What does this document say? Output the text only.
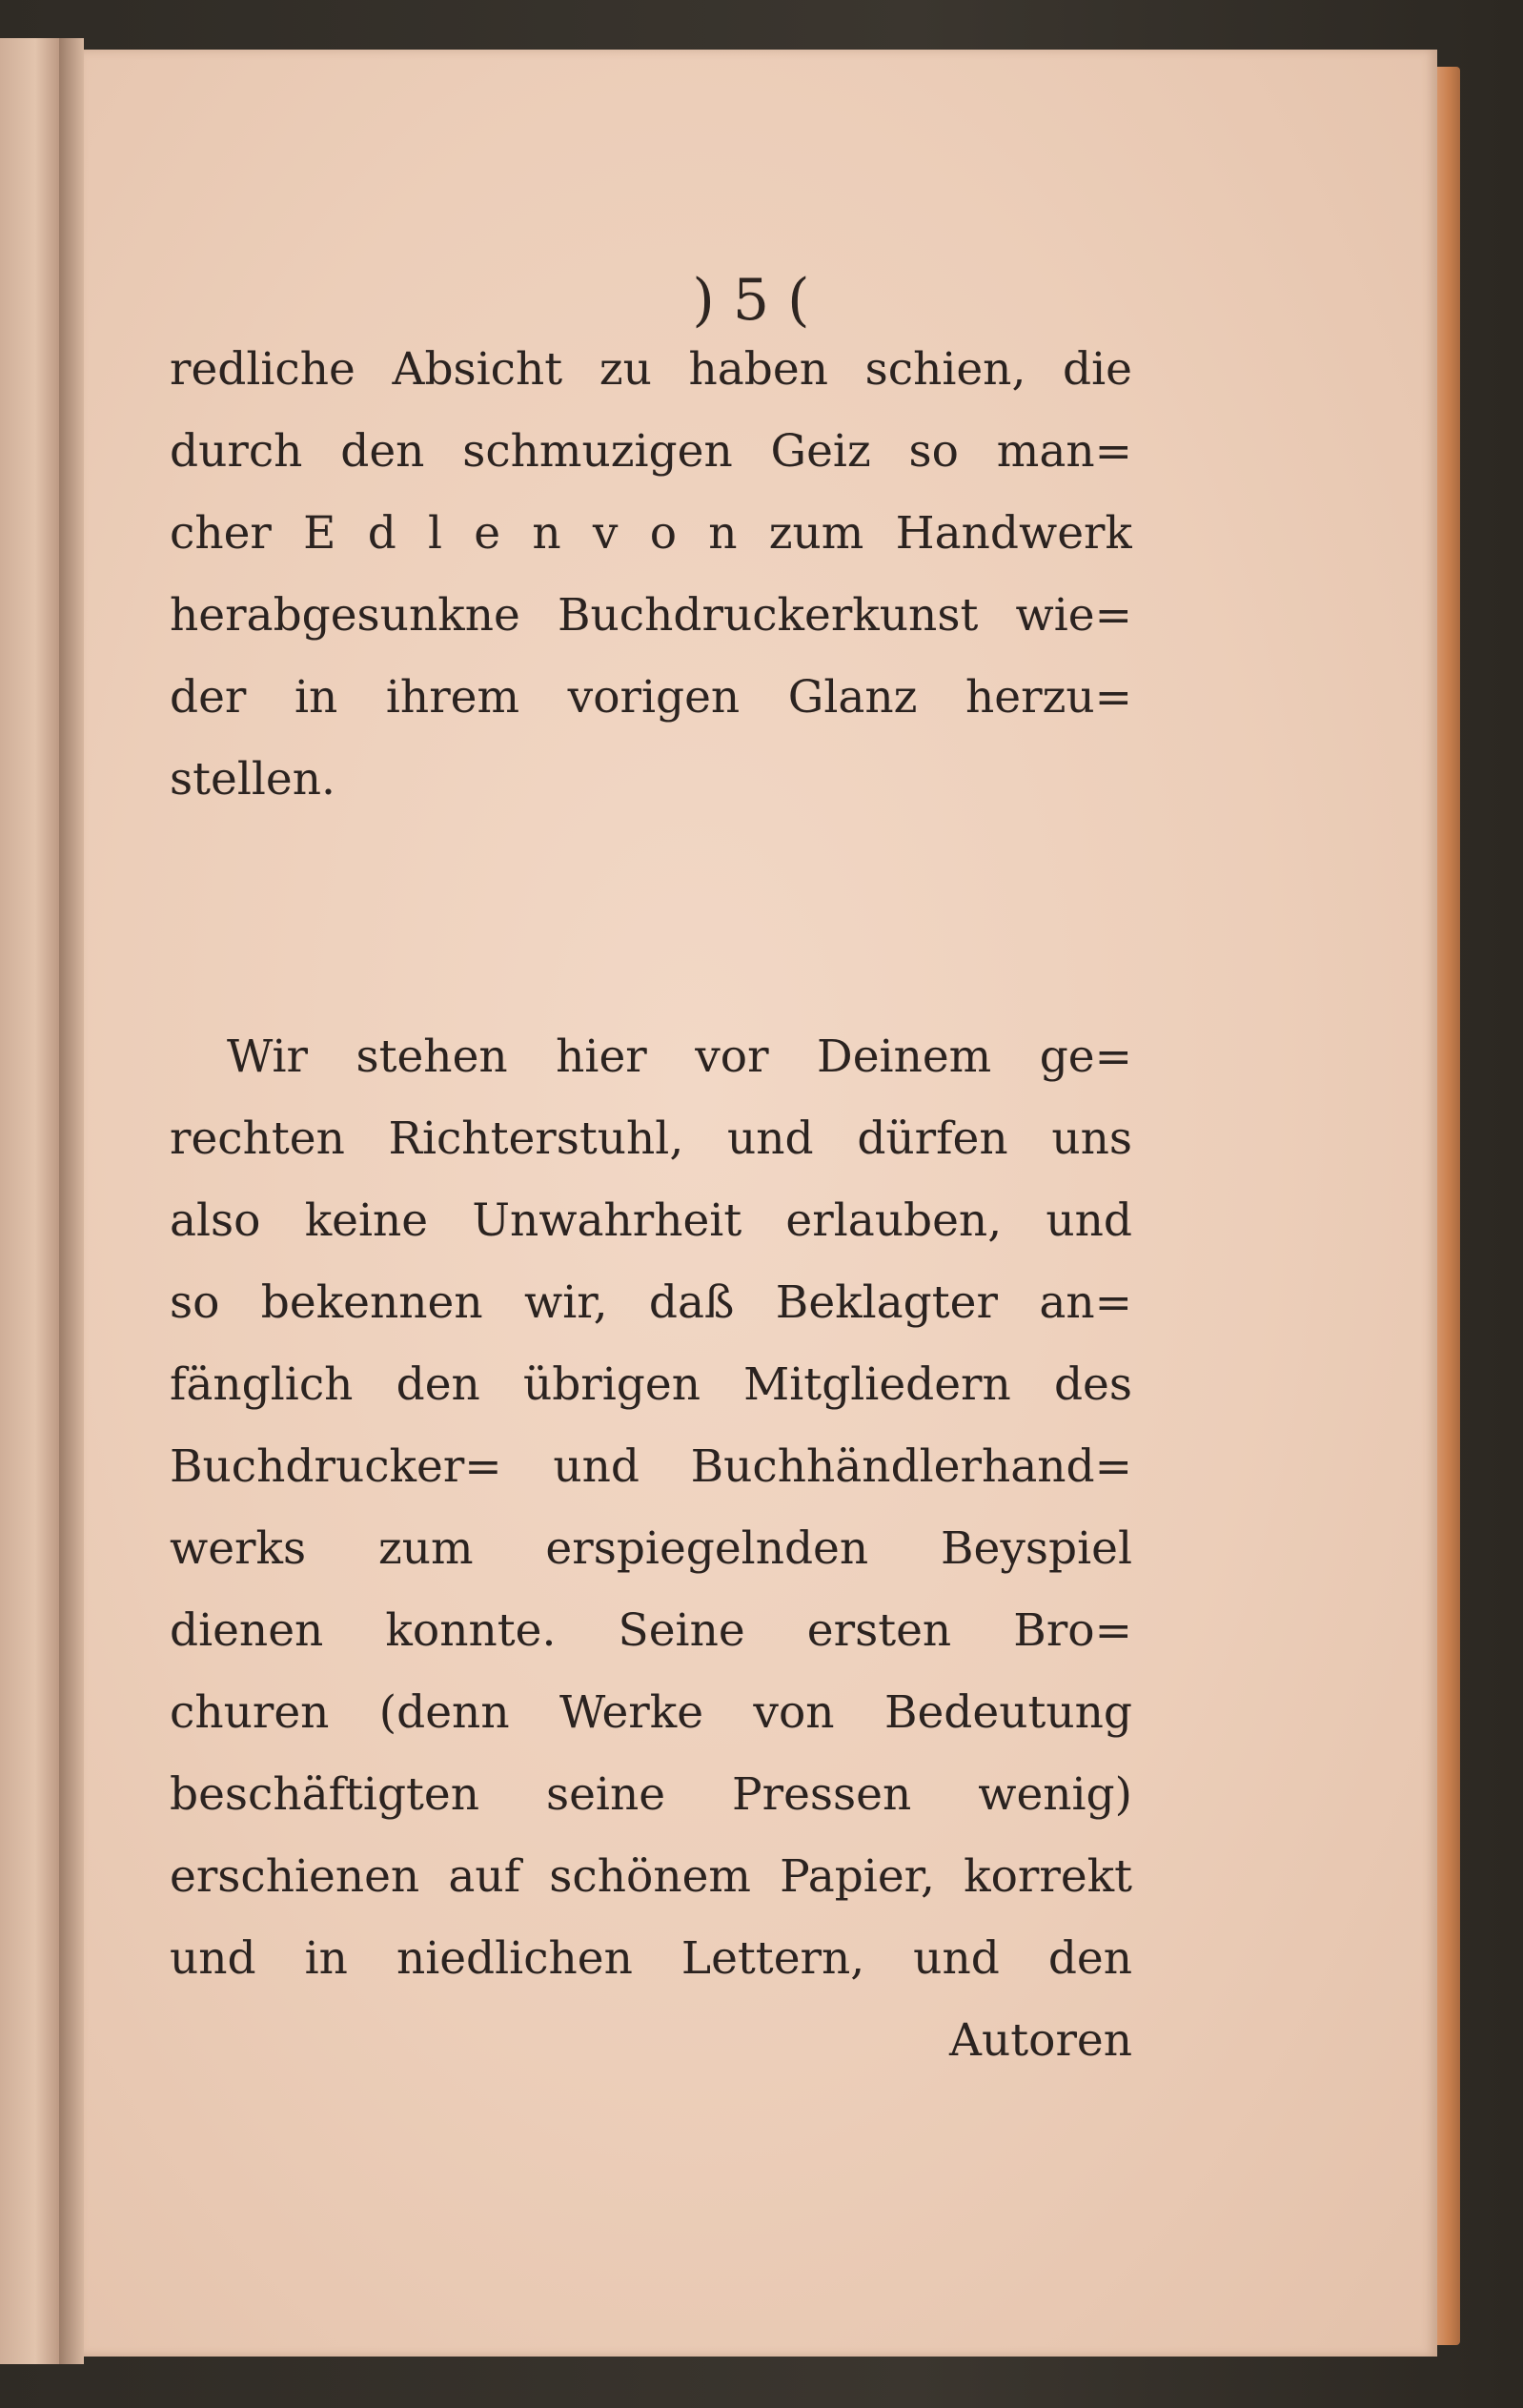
) 5 (
redliche Absicht zu haben schien, die
durch den schmuzigen Geiz so man=
cher E d l e n v o n zum Handwerk
herabgesunkne Buchdruckerkunst wie=
der in ihrem vorigen Glanz herzu=
stellen.
Wir stehen hier vor Deinem ge=
rechten Richterstuhl, und dürfen uns
also keine Unwahrheit erlauben, und
so bekennen wir, daß Beklagter an=
fänglich den übrigen Mitgliedern des
Buchdrucker= und Buchhändlerhand=
werks zum erspiegelnden Beyspiel
dienen konnte. Seine ersten Bro=
churen (denn Werke von Bedeutung
beschäftigten seine Pressen wenig)
erschienen auf schönem Papier, korrekt
und in niedlichen Lettern, und den
Autoren
